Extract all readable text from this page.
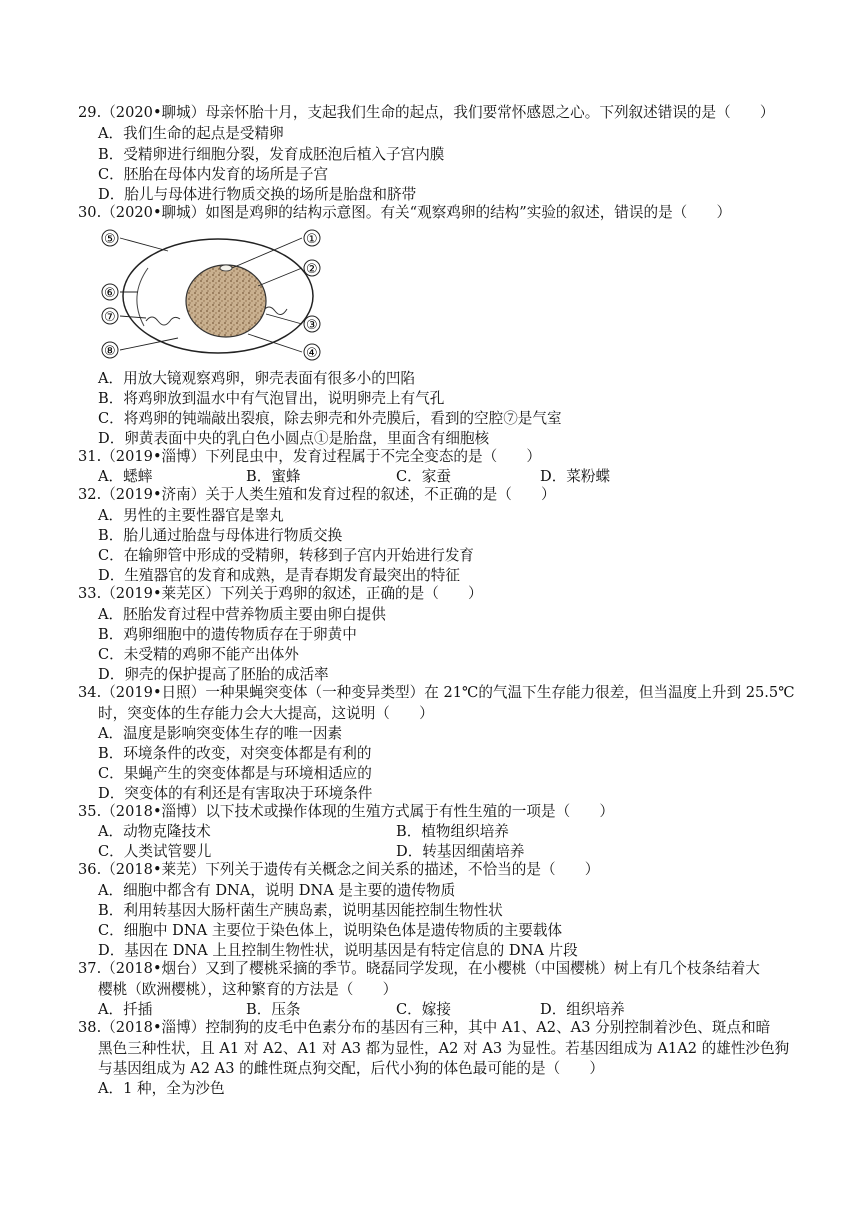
29.（2020•聊城）母亲怀胎十月，支起我们生命的起点，我们要常怀感恩之心。下列叙述错误的是（　　）
A．我们生命的起点是受精卵
B．受精卵进行细胞分裂，发育成胚泡后植入子宫内膜
C．胚胎在母体内发育的场所是子宫
D．胎儿与母体进行物质交换的场所是胎盘和脐带
30.（2020•聊城）如图是鸡卵的结构示意图。有关“观察鸡卵的结构”实验的叙述，错误的是（　　）
①
②
③
④
⑤
⑥
⑦
⑧
A．用放大镜观察鸡卵，卵壳表面有很多小的凹陷
B．将鸡卵放到温水中有气泡冒出，说明卵壳上有气孔
C．将鸡卵的钝端敲出裂痕，除去卵壳和外壳膜后，看到的空腔⑦是气室
D．卵黄表面中央的乳白色小圆点①是胎盘，里面含有细胞核
31.（2019•淄博）下列昆虫中，发育过程属于不完全变态的是（　　）
A．蟋蟀	B．蜜蜂	C．家蚕	D．菜粉蝶
32.（2019•济南）关于人类生殖和发育过程的叙述，不正确的是（　　）
A．男性的主要性器官是睾丸
B．胎儿通过胎盘与母体进行物质交换
C．在输卵管中形成的受精卵，转移到子宫内开始进行发育
D．生殖器官的发育和成熟，是青春期发育最突出的特征
33.（2019•莱芜区）下列关于鸡卵的叙述，正确的是（　　）
A．胚胎发育过程中营养物质主要由卵白提供
B．鸡卵细胞中的遗传物质存在于卵黄中
C．未受精的鸡卵不能产出体外
D．卵壳的保护提高了胚胎的成活率
34.（2019•日照）一种果蝇突变体（一种变异类型）在 21℃的气温下生存能力很差，但当温度上升到 25.5℃
时，突变体的生存能力会大大提高，这说明（　　）
A．温度是影响突变体生存的唯一因素
B．环境条件的改变，对突变体都是有利的
C．果蝇产生的突变体都是与环境相适应的
D．突变体的有利还是有害取决于环境条件
35.（2018•淄博）以下技术或操作体现的生殖方式属于有性生殖的一项是（　　）
A．动物克隆技术	B．植物组织培养
C．人类试管婴儿	D．转基因细菌培养
36.（2018•莱芜）下列关于遗传有关概念之间关系的描述，不恰当的是（　　）
A．细胞中都含有 DNA，说明 DNA 是主要的遗传物质
B．利用转基因大肠杆菌生产胰岛素，说明基因能控制生物性状
C．细胞中 DNA 主要位于染色体上，说明染色体是遗传物质的主要载体
D．基因在 DNA 上且控制生物性状，说明基因是有特定信息的 DNA 片段
37.（2018•烟台）又到了樱桃采摘的季节。晓磊同学发现，在小樱桃（中国樱桃）树上有几个枝条结着大
樱桃（欧洲樱桃），这种繁育的方法是（　　）
A．扦插	B．压条	C．嫁接	D．组织培养
38.（2018•淄博）控制狗的皮毛中色素分布的基因有三种，其中 A1、A2、A3 分别控制着沙色、斑点和暗
黑色三种性状，且 A1 对 A2、A1 对 A3 都为显性，A2 对 A3 为显性。若基因组成为 A1A2 的雄性沙色狗
与基因组成为 A2 A3 的雌性斑点狗交配，后代小狗的体色最可能的是（　　）
A．1 种，全为沙色
